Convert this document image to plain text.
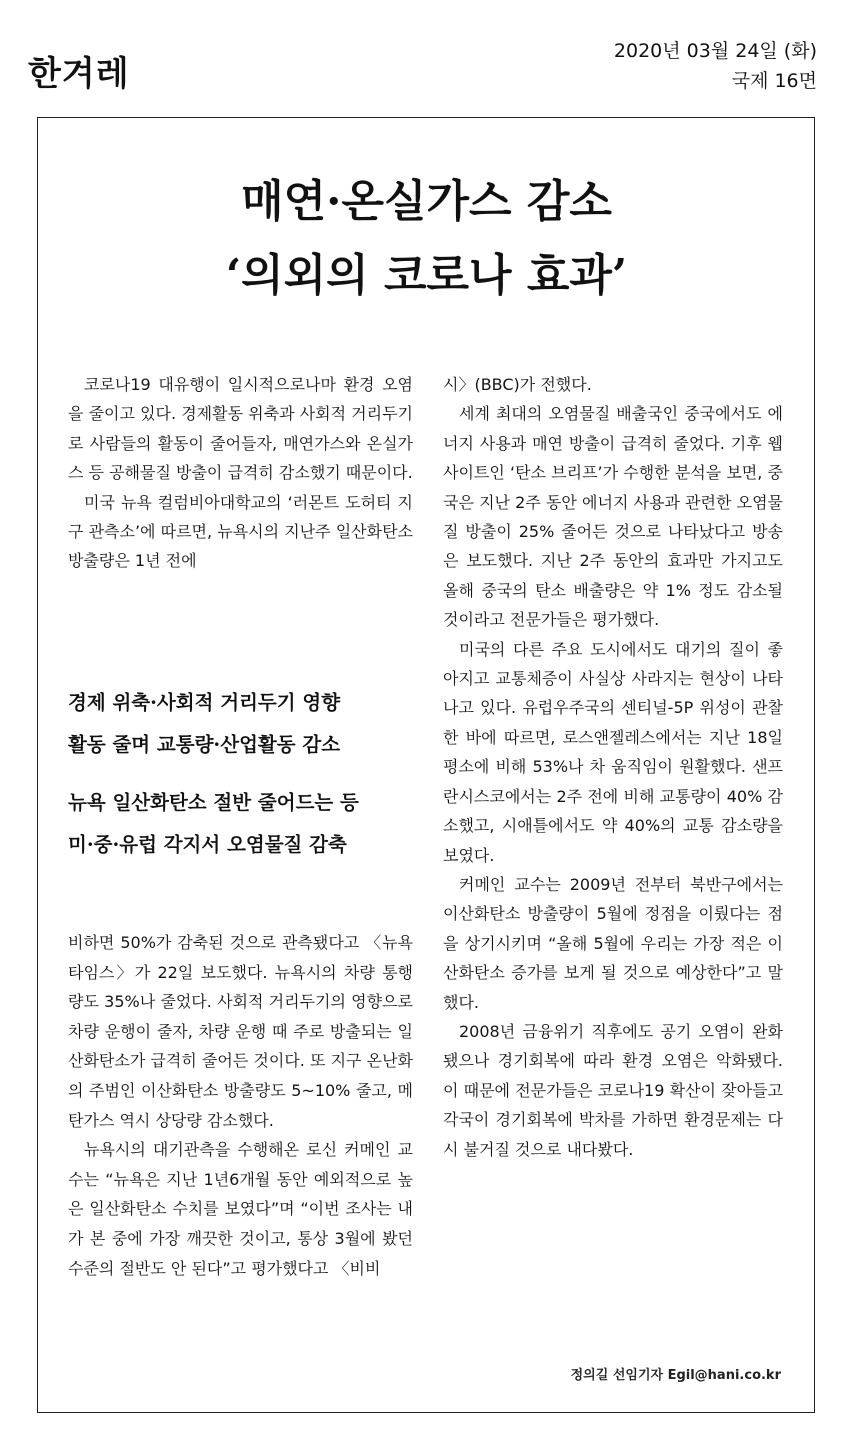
한겨레
2020년 03월 24일 (화)
국제 16면
매연·온실가스 감소
‘의외의 코로나 효과’

코로나19 대유행이 일시적으로나마 환경 오염을 줄이고 있다. 경제활동 위축과 사회적 거리두기로 사람들의 활동이 줄어들자, 매연가스와 온실가스 등 공해물질 방출이 급격히 감소했기 때문이다.

미국 뉴욕 컬럼비아대학교의 ‘러몬트 도허티 지구 관측소’에 따르면, 뉴욕시의 지난주 일산화탄소 방출량은 1년 전에

경제 위축·사회적 거리두기 영향
활동 줄며 교통량·산업활동 감소
뉴욕 일산화탄소 절반 줄어드는 등
미·중·유럽 각지서 오염물질 감축

비하면 50%가 감축된 것으로 관측됐다고 〈뉴욕 타임스〉가 22일 보도했다. 뉴욕시의 차량 통행량도 35%나 줄었다. 사회적 거리두기의 영향으로 차량 운행이 줄자, 차량 운행 때 주로 방출되는 일산화탄소가 급격히 줄어든 것이다. 또 지구 온난화의 주범인 이산화탄소 방출량도 5~10% 줄고, 메탄가스 역시 상당량 감소했다.

뉴욕시의 대기관측을 수행해온 로신 커메인 교수는 “뉴욕은 지난 1년6개월 동안 예외적으로 높은 일산화탄소 수치를 보였다”며 “이번 조사는 내가 본 중에 가장 깨끗한 것이고, 통상 3월에 봤던 수준의 절반도 안 된다”고 평가했다고 〈비비

시〉(BBC)가 전했다.

세계 최대의 오염물질 배출국인 중국에서도 에너지 사용과 매연 방출이 급격히 줄었다. 기후 웹사이트인 ‘탄소 브리프’가 수행한 분석을 보면, 중국은 지난 2주 동안 에너지 사용과 관련한 오염물질 방출이 25% 줄어든 것으로 나타났다고 방송은 보도했다. 지난 2주 동안의 효과만 가지고도 올해 중국의 탄소 배출량은 약 1% 정도 감소될 것이라고 전문가들은 평가했다.

미국의 다른 주요 도시에서도 대기의 질이 좋아지고 교통체증이 사실상 사라지는 현상이 나타나고 있다. 유럽우주국의 센티널-5P 위성이 관찰한 바에 따르면, 로스앤젤레스에서는 지난 18일 평소에 비해 53%나 차 움직임이 원활했다. 샌프란시스코에서는 2주 전에 비해 교통량이 40% 감소했고, 시애틀에서도 약 40%의 교통 감소량을 보였다.

커메인 교수는 2009년 전부터 북반구에서는 이산화탄소 방출량이 5월에 정점을 이뤘다는 점을 상기시키며 “올해 5월에 우리는 가장 적은 이산화탄소 증가를 보게 될 것으로 예상한다”고 말했다.

2008년 금융위기 직후에도 공기 오염이 완화됐으나 경기회복에 따라 환경 오염은 악화됐다. 이 때문에 전문가들은 코로나19 확산이 잦아들고 각국이 경기회복에 박차를 가하면 환경문제는 다시 불거질 것으로 내다봤다.

정의길 선임기자 Egil@hani.co.kr
